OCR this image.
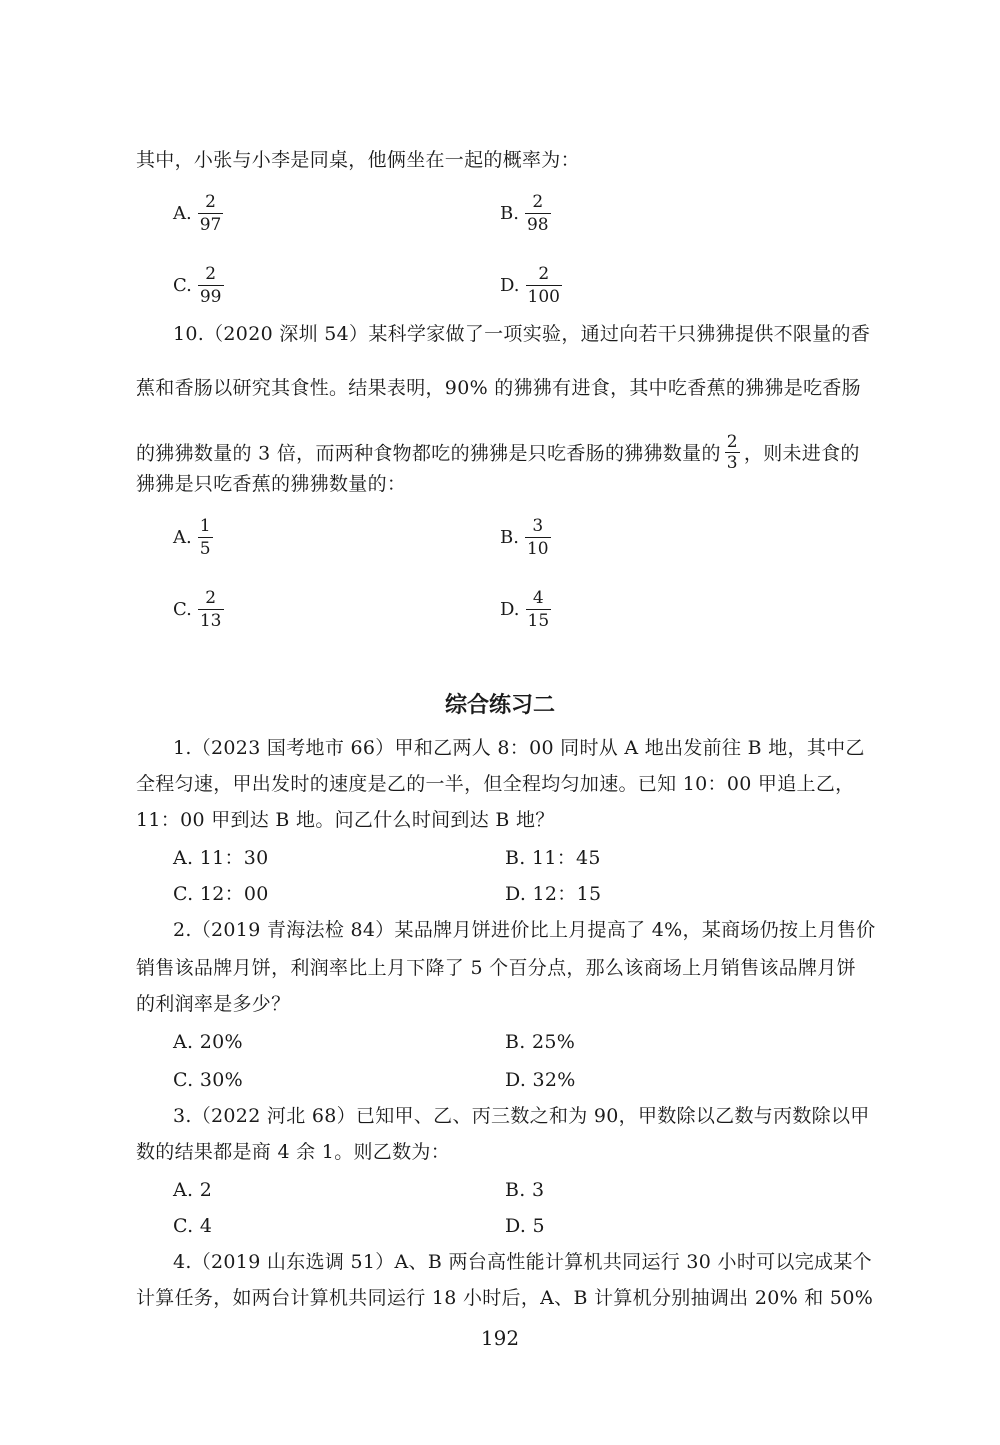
其中，小张与小李是同桌，他俩坐在一起的概率为：
A. $\frac{2}{97}$	B. $\frac{2}{98}$
C. $\frac{2}{99}$	D. $\frac{2}{100}$
10.（2020 深圳 54）某科学家做了一项实验，通过向若干只狒狒提供不限量的香
蕉和香肠以研究其食性。结果表明，90% 的狒狒有进食，其中吃香蕉的狒狒是吃香肠
的狒狒数量的 3 倍，而两种食物都吃的狒狒是只吃香肠的狒狒数量的 $\frac{2}{3}$ ，则未进食的
狒狒是只吃香蕉的狒狒数量的：
A. $\frac{1}{5}$	B. $\frac{3}{10}$
C. $\frac{2}{13}$	D. $\frac{4}{15}$
综合练习二
1.（2023 国考地市 66）甲和乙两人 8：00 同时从 A 地出发前往 B 地，其中乙
全程匀速，甲出发时的速度是乙的一半，但全程均匀加速。已知 10：00 甲追上乙，
11：00 甲到达 B 地。问乙什么时间到达 B 地？
A. 11：30	B. 11：45
C. 12：00	D. 12：15
2.（2019 青海法检 84）某品牌月饼进价比上月提高了 4%，某商场仍按上月售价
销售该品牌月饼，利润率比上月下降了 5 个百分点，那么该商场上月销售该品牌月饼
的利润率是多少？
A. 20%	B. 25%
C. 30%	D. 32%
3.（2022 河北 68）已知甲、乙、丙三数之和为 90，甲数除以乙数与丙数除以甲
数的结果都是商 4 余 1。则乙数为：
A. 2	B. 3
C. 4	D. 5
4.（2019 山东选调 51）A、B 两台高性能计算机共同运行 30 小时可以完成某个
计算任务，如两台计算机共同运行 18 小时后，A、B 计算机分别抽调出 20% 和 50%
192
